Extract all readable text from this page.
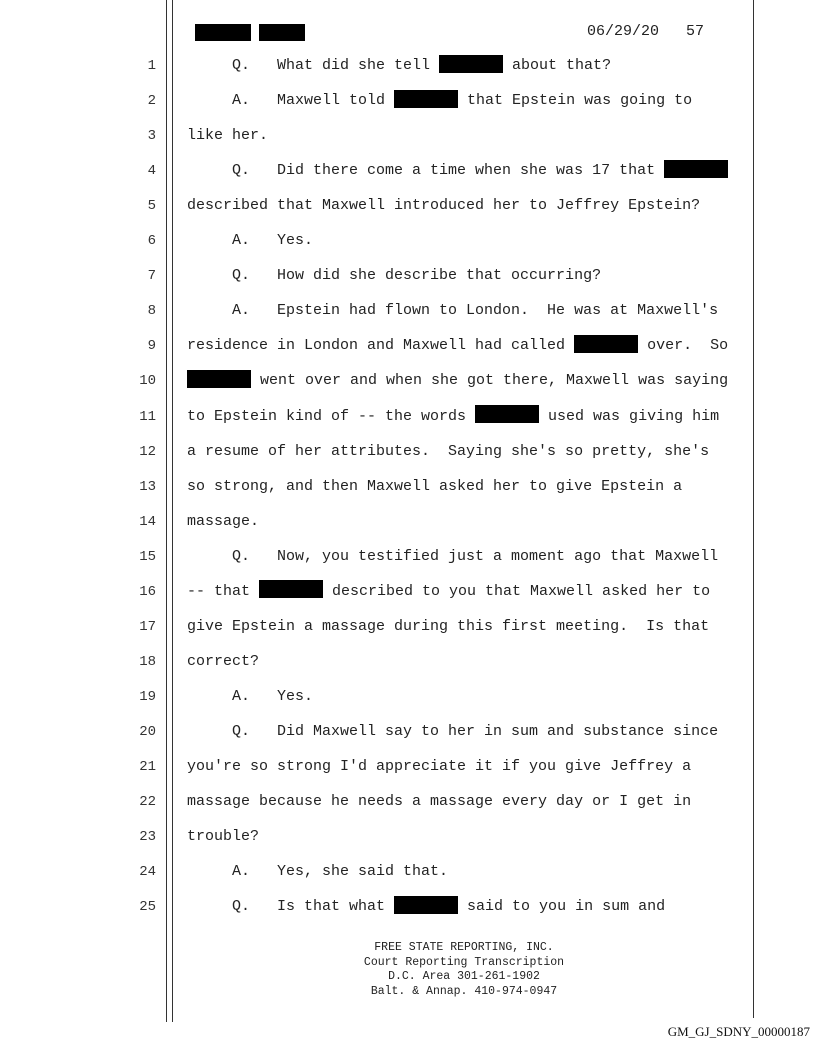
06/29/20   57
1 Q.   What did she tell	about that?
2 A.   Maxwell told	that Epstein was going to
3 like her.
4 Q.   Did there come a time when she was 17 that
5 described that Maxwell introduced her to Jeffrey Epstein?
6 A.   Yes.
7 Q.   How did she describe that occurring?
8 A.   Epstein had flown to London.  He was at Maxwell's
9 residence in London and Maxwell had called	over.  So
10	went over and when she got there, Maxwell was saying
11 to Epstein kind of -- the words	used was giving him
12 a resume of her attributes.  Saying she's so pretty, she's
13 so strong, and then Maxwell asked her to give Epstein a
14 massage.
15 Q.   Now, you testified just a moment ago that Maxwell
16 -- that	described to you that Maxwell asked her to
17 give Epstein a massage during this first meeting.  Is that
18 correct?
19 A.   Yes.
20 Q.   Did Maxwell say to her in sum and substance since
21 you're so strong I'd appreciate it if you give Jeffrey a
22 massage because he needs a massage every day or I get in
23 trouble?
24 A.   Yes, she said that.
25 Q.   Is that what	said to you in sum and
FREE STATE REPORTING, INC.
Court Reporting Transcription
D.C. Area 301-261-1902
Balt. & Annap. 410-974-0947
GM_GJ_SDNY_00000187
